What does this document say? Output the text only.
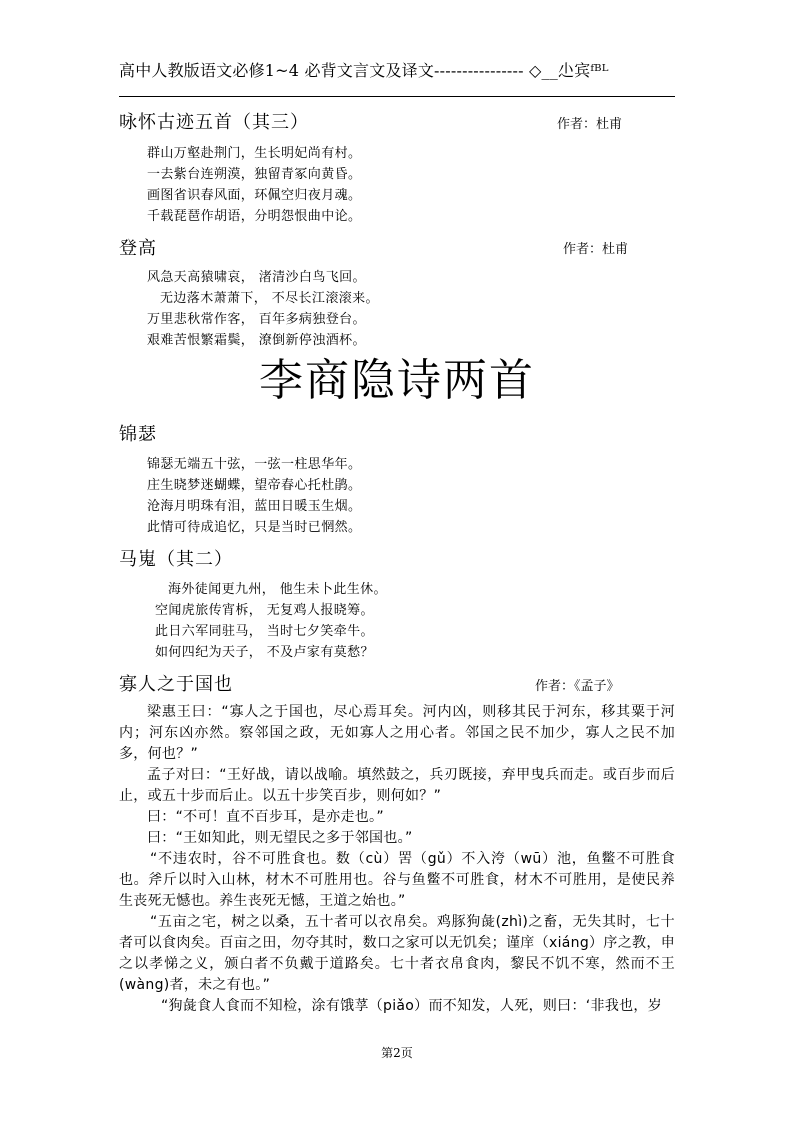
高中人教版语文必修1~4 必背文言文及译文---------------- ◇__尐宾ᶠᴮᴸ
咏怀古迹五首（其三）	作者：杜甫
群山万壑赴荆门，生长明妃尚有村。
一去紫台连朔漠，独留青冢向黄昏。
画图省识春风面，环佩空归夜月魂。
千载琵琶作胡语，分明怨恨曲中论。
登高	作者：杜甫
风急天高猿啸哀， 渚清沙白鸟飞回。
无边落木萧萧下， 不尽长江滚滚来。
万里悲秋常作客， 百年多病独登台。
艰难苦恨繁霜鬓， 潦倒新停浊酒杯。
李商隐诗两首
锦瑟
锦瑟无端五十弦，一弦一柱思华年。
庄生晓梦迷蝴蝶，望帝春心托杜鹃。
沧海月明珠有泪，蓝田日暖玉生烟。
此情可待成追忆，只是当时已惘然。
马嵬（其二）
海外徒闻更九州， 他生未卜此生休。
空闻虎旅传宵柝， 无复鸡人报晓筹。
此日六军同驻马， 当时七夕笑牵牛。
如何四纪为天子， 不及卢家有莫愁？
寡人之于国也	作者：《孟子》
梁惠王曰：“寡人之于国也，尽心焉耳矣。河内凶，则移其民于河东，移其粟于河内；河东凶亦然。察邻国之政，无如寡人之用心者。邻国之民不加少，寡人之民不加多，何也？”
孟子对曰：“王好战，请以战喻。填然鼓之，兵刃既接，弃甲曳兵而走。或百步而后止，或五十步而后止。以五十步笑百步，则何如？”
曰：“不可！直不百步耳，是亦走也。”
曰：“王如知此，则无望民之多于邻国也。”
“不违农时，谷不可胜食也。数（cù）罟（gǔ）不入洿（wū）池，鱼鳖不可胜食也。斧斤以时入山林，材木不可胜用也。谷与鱼鳖不可胜食，材木不可胜用，是使民养生丧死无憾也。养生丧死无憾，王道之始也。”
“五亩之宅，树之以桑，五十者可以衣帛矣。鸡豚狗彘(zhì)之畜，无失其时，七十者可以食肉矣。百亩之田，勿夺其时，数口之家可以无饥矣；谨庠（xiáng）序之教，申之以孝悌之义，颁白者不负戴于道路矣。七十者衣帛食肉，黎民不饥不寒，然而不王(wàng)者，未之有也。”
“狗彘食人食而不知检，涂有饿莩（piǎo）而不知发，人死，则曰：‘非我也，岁
第2页
